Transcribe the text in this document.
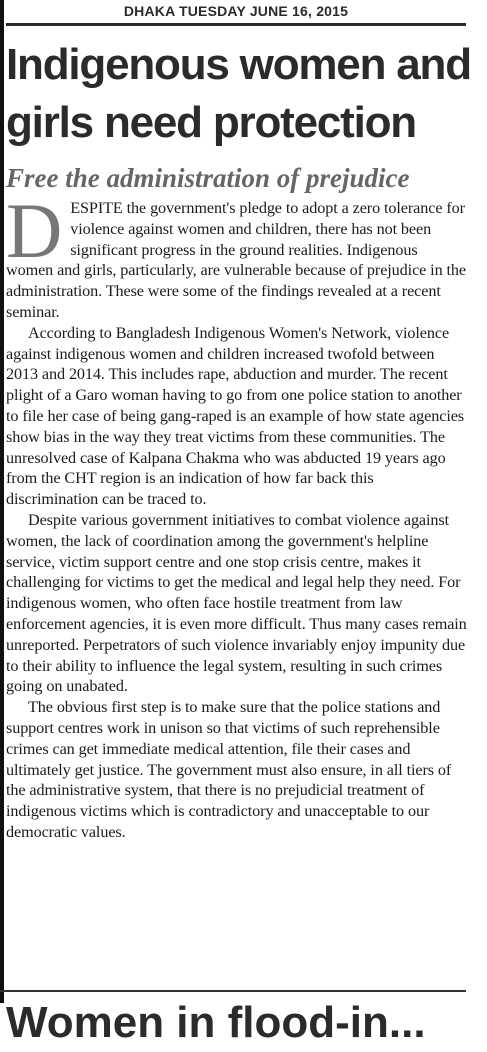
DHAKA TUESDAY JUNE 16, 2015
Indigenous women and girls need protection
Free the administration of prejudice

DESPITE the government's pledge to adopt a zero tolerance for violence against women and children, there has not been significant progress in the ground realities. Indigenous women and girls, particularly, are vulnerable because of prejudice in the administration. These were some of the findings revealed at a recent seminar.

According to Bangladesh Indigenous Women's Network, violence against indigenous women and children increased twofold between 2013 and 2014. This includes rape, abduction and murder. The recent plight of a Garo woman having to go from one police station to another to file her case of being gang-raped is an example of how state agencies show bias in the way they treat victims from these communities. The unresolved case of Kalpana Chakma who was abducted 19 years ago from the CHT region is an indication of how far back this discrimination can be traced to.

Despite various government initiatives to combat violence against women, the lack of coordination among the government's helpline service, victim support centre and one stop crisis centre, makes it challenging for victims to get the medical and legal help they need. For indigenous women, who often face hostile treatment from law enforcement agencies, it is even more difficult. Thus many cases remain unreported. Perpetrators of such violence invariably enjoy impunity due to their ability to influence the legal system, resulting in such crimes going on unabated.

The obvious first step is to make sure that the police stations and support centres work in unison so that victims of such reprehensible crimes can get immediate medical attention, file their cases and ultimately get justice. The government must also ensure, in all tiers of the administrative system, that there is no prejudicial treatment of indigenous victims which is contradictory and unacceptable to our democratic values.

Women in flood-in...
